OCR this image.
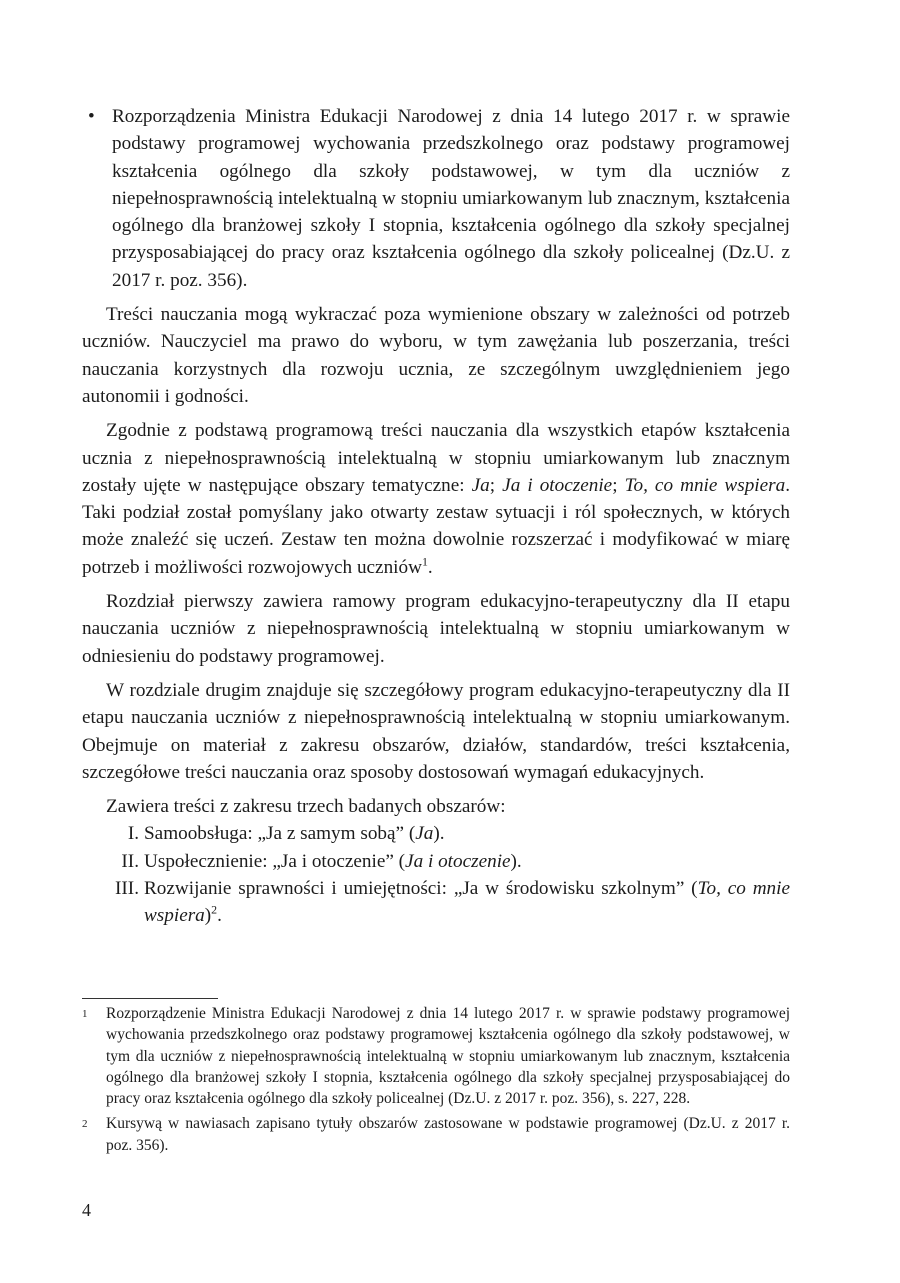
• Rozporządzenia Ministra Edukacji Narodowej z dnia 14 lutego 2017 r. w sprawie podstawy programowej wychowania przedszkolnego oraz podstawy programowej kształcenia ogólnego dla szkoły podstawowej, w tym dla uczniów z niepełnosprawnością intelektualną w stopniu umiarkowanym lub znacznym, kształcenia ogólnego dla branżowej szkoły I stopnia, kształcenia ogólnego dla szkoły specjalnej przysposabiającej do pracy oraz kształcenia ogólnego dla szkoły policealnej (Dz.U. z 2017 r. poz. 356).

Treści nauczania mogą wykraczać poza wymienione obszary w zależności od potrzeb uczniów. Nauczyciel ma prawo do wyboru, w tym zawężania lub poszerzania, treści nauczania korzystnych dla rozwoju ucznia, ze szczególnym uwzględnieniem jego autonomii i godności.

Zgodnie z podstawą programową treści nauczania dla wszystkich etapów kształcenia ucznia z niepełnosprawnością intelektualną w stopniu umiarkowanym lub znacznym zostały ujęte w następujące obszary tematyczne: Ja; Ja i otoczenie; To, co mnie wspiera. Taki podział został pomyślany jako otwarty zestaw sytuacji i ról społecznych, w których może znaleźć się uczeń. Zestaw ten można dowolnie rozszerzać i modyfikować w miarę potrzeb i możliwości rozwojowych uczniów$^1$.

Rozdział pierwszy zawiera ramowy program edukacyjno-terapeutyczny dla II etapu nauczania uczniów z niepełnosprawnością intelektualną w stopniu umiarkowanym w odniesieniu do podstawy programowej.

W rozdziale drugim znajduje się szczegółowy program edukacyjno-terapeutyczny dla II etapu nauczania uczniów z niepełnosprawnością intelektualną w stopniu umiarkowanym. Obejmuje on materiał z zakresu obszarów, działów, standardów, treści kształcenia, szczegółowe treści nauczania oraz sposoby dostosowań wymagań edukacyjnych.

Zawiera treści z zakresu trzech badanych obszarów:

I. Samoobsługa: „Ja z samym sobą” (Ja).
II. Uspołecznienie: „Ja i otoczenie” (Ja i otoczenie).
III. Rozwijanie sprawności i umiejętności: „Ja w środowisku szkolnym” (To, co mnie wspiera)$^2$.
1 Rozporządzenie Ministra Edukacji Narodowej z dnia 14 lutego 2017 r. w sprawie podstawy programowej wychowania przedszkolnego oraz podstawy programowej kształcenia ogólnego dla szkoły podstawowej, w tym dla uczniów z niepełnosprawnością intelektualną w stopniu umiarkowanym lub znacznym, kształcenia ogólnego dla branżowej szkoły I stopnia, kształcenia ogólnego dla szkoły specjalnej przysposabiającej do pracy oraz kształcenia ogólnego dla szkoły policealnej (Dz.U. z 2017 r. poz. 356), s. 227, 228.
2 Kursywą w nawiasach zapisano tytuły obszarów zastosowane w podstawie programowej (Dz.U. z 2017 r. poz. 356).
4
